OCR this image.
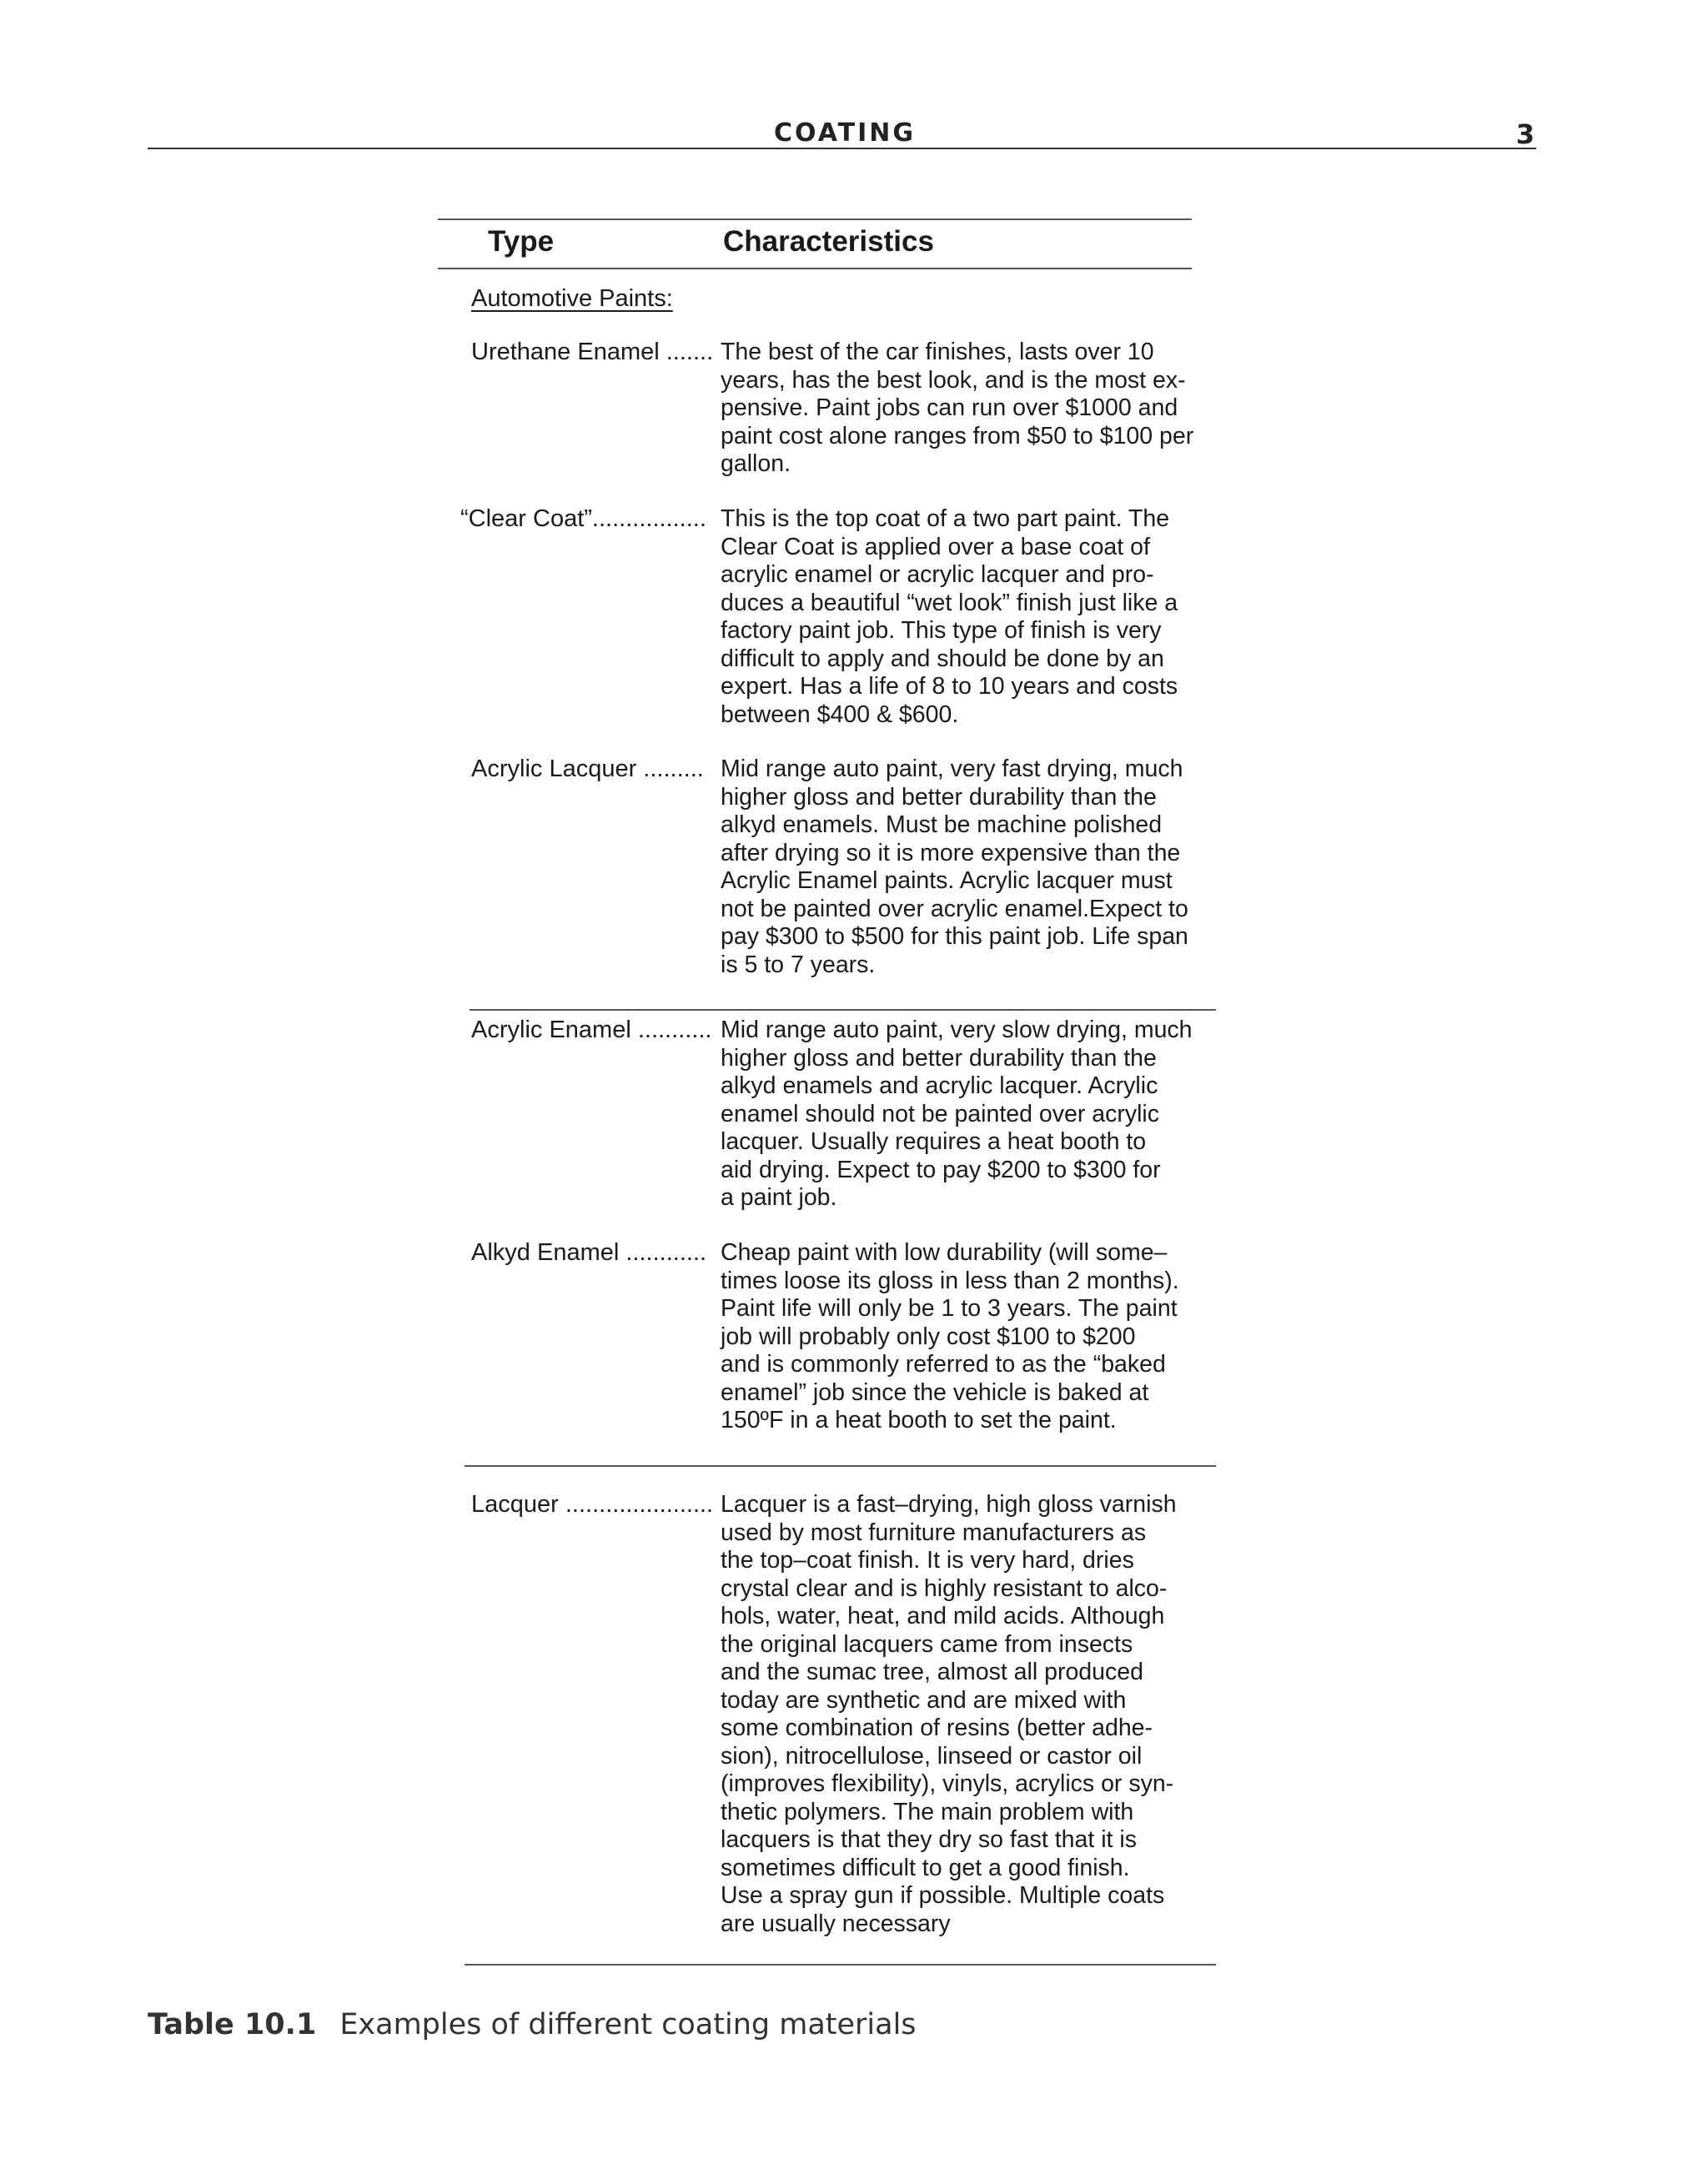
COATING	3
Type	Characteristics
Automotive Paints:
Urethane Enamel ....... The best of the car finishes, lasts over 10
years, has the best look, and is the most ex-
pensive. Paint jobs can run over $1000 and
paint cost alone ranges from $50 to $100 per
gallon.
“Clear Coat”................. This is the top coat of a two part paint. The
Clear Coat is applied over a base coat of
acrylic enamel or acrylic lacquer and pro-
duces a beautiful “wet look” finish just like a
factory paint job. This type of finish is very
difficult to apply and should be done by an
expert. Has a life of 8 to 10 years and costs
between $400 & $600.
Acrylic Lacquer ......... Mid range auto paint, very fast drying, much
higher gloss and better durability than the
alkyd enamels. Must be machine polished
after drying so it is more expensive than the
Acrylic Enamel paints. Acrylic lacquer must
not be painted over acrylic enamel.Expect to
pay $300 to $500 for this paint job. Life span
is 5 to 7 years.
Acrylic Enamel ........... Mid range auto paint, very slow drying, much
higher gloss and better durability than the
alkyd enamels and acrylic lacquer. Acrylic
enamel should not be painted over acrylic
lacquer. Usually requires a heat booth to
aid drying. Expect to pay $200 to $300 for
a paint job.
Alkyd Enamel ............ Cheap paint with low durability (will some–
times loose its gloss in less than 2 months).
Paint life will only be 1 to 3 years. The paint
job will probably only cost $100 to $200
and is commonly referred to as the “baked
enamel” job since the vehicle is baked at
150ºF in a heat booth to set the paint.
Lacquer ...................... Lacquer is a fast–drying, high gloss varnish
used by most furniture manufacturers as
the top–coat finish. It is very hard, dries
crystal clear and is highly resistant to alco-
hols, water, heat, and mild acids. Although
the original lacquers came from insects
and the sumac tree, almost all produced
today are synthetic and are mixed with
some combination of resins (better adhe-
sion), nitrocellulose, linseed or castor oil
(improves flexibility), vinyls, acrylics or syn-
thetic polymers. The main problem with
lacquers is that they dry so fast that it is
sometimes difficult to get a good finish.
Use a spray gun if possible. Multiple coats
are usually necessary
Table 10.1 Examples of different coating materials
